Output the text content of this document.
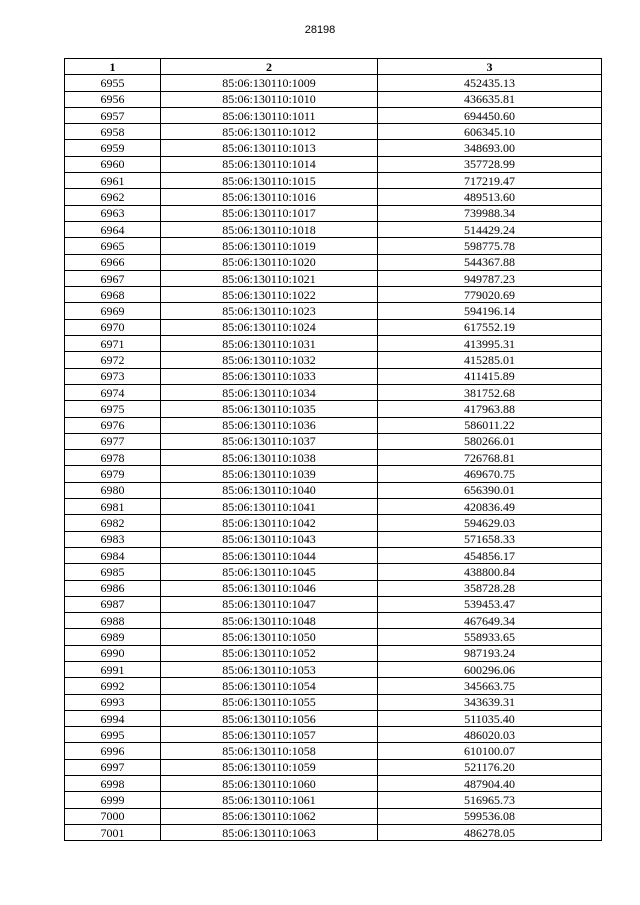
28198
1	2	3
6955	85:06:130110:1009	452435.13
6956	85:06:130110:1010	436635.81
6957	85:06:130110:1011	694450.60
6958	85:06:130110:1012	606345.10
6959	85:06:130110:1013	348693.00
6960	85:06:130110:1014	357728.99
6961	85:06:130110:1015	717219.47
6962	85:06:130110:1016	489513.60
6963	85:06:130110:1017	739988.34
6964	85:06:130110:1018	514429.24
6965	85:06:130110:1019	598775.78
6966	85:06:130110:1020	544367.88
6967	85:06:130110:1021	949787.23
6968	85:06:130110:1022	779020.69
6969	85:06:130110:1023	594196.14
6970	85:06:130110:1024	617552.19
6971	85:06:130110:1031	413995.31
6972	85:06:130110:1032	415285.01
6973	85:06:130110:1033	411415.89
6974	85:06:130110:1034	381752.68
6975	85:06:130110:1035	417963.88
6976	85:06:130110:1036	586011.22
6977	85:06:130110:1037	580266.01
6978	85:06:130110:1038	726768.81
6979	85:06:130110:1039	469670.75
6980	85:06:130110:1040	656390.01
6981	85:06:130110:1041	420836.49
6982	85:06:130110:1042	594629.03
6983	85:06:130110:1043	571658.33
6984	85:06:130110:1044	454856.17
6985	85:06:130110:1045	438800.84
6986	85:06:130110:1046	358728.28
6987	85:06:130110:1047	539453.47
6988	85:06:130110:1048	467649.34
6989	85:06:130110:1050	558933.65
6990	85:06:130110:1052	987193.24
6991	85:06:130110:1053	600296.06
6992	85:06:130110:1054	345663.75
6993	85:06:130110:1055	343639.31
6994	85:06:130110:1056	511035.40
6995	85:06:130110:1057	486020.03
6996	85:06:130110:1058	610100.07
6997	85:06:130110:1059	521176.20
6998	85:06:130110:1060	487904.40
6999	85:06:130110:1061	516965.73
7000	85:06:130110:1062	599536.08
7001	85:06:130110:1063	486278.05
